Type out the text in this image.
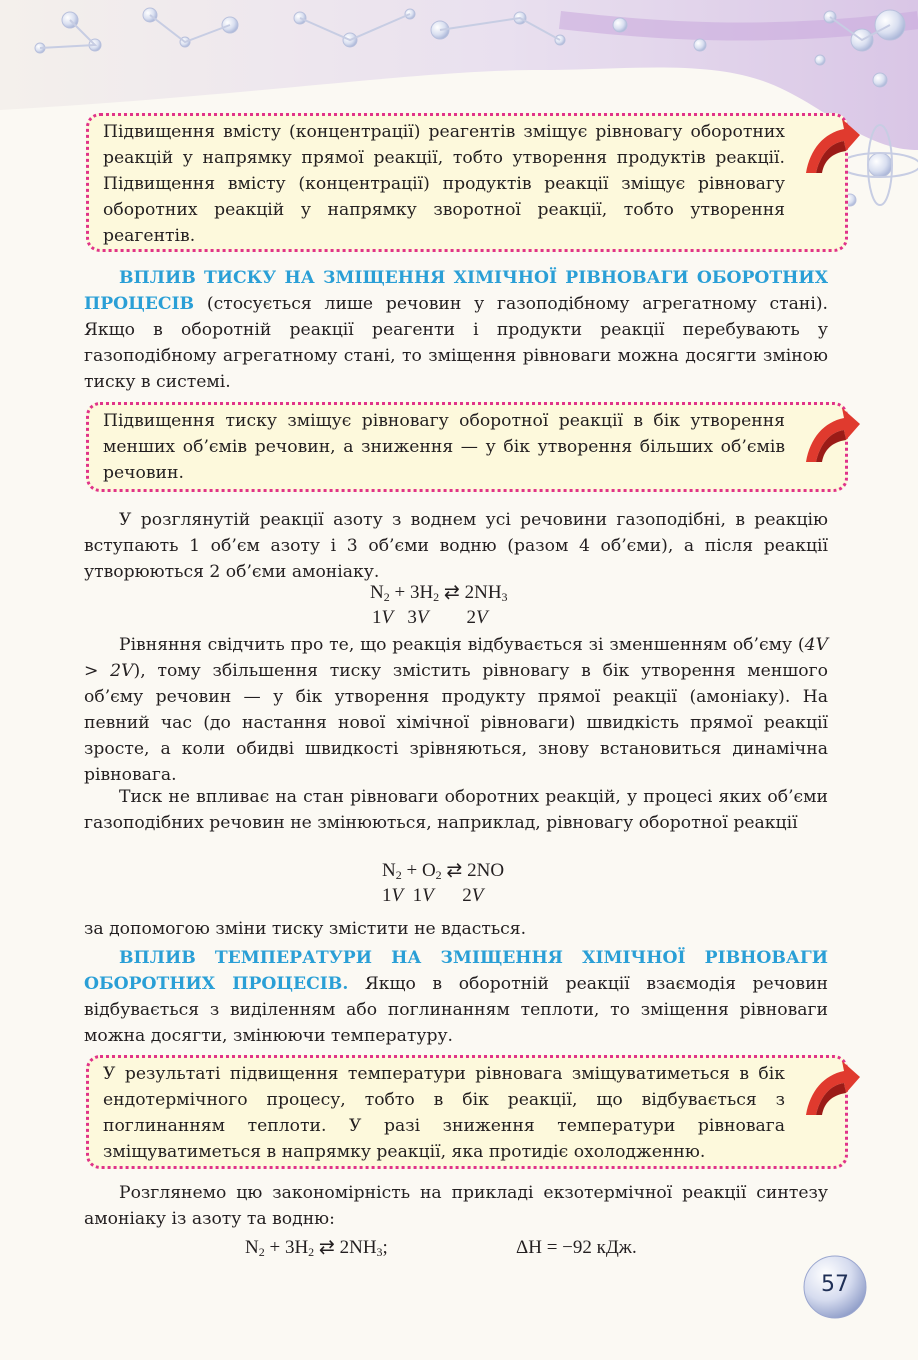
Підвищення вмісту (концентрації) реагентів зміщує рівновагу оборотних реакцій у напрямку прямої реакції, тобто утворення продуктів реакції. Підвищення вмісту (концентрації) продуктів реакції зміщує рівновагу оборотних реакцій у напрямку зворотної реакції, тобто утворення реагентів.

ВПЛИВ ТИСКУ НА ЗМІЩЕННЯ ХІМІЧНОЇ РІВНОВАГИ ОБОРОТНИХ ПРОЦЕСІВ (стосується лише речовин у газоподібному агрегатному стані). Якщо в оборотній реакції реагенти і продукти реакції перебувають у газоподібному агрегатному стані, то зміщення рівноваги можна досягти зміною тиску в системі.

Підвищення тиску зміщує рівновагу оборотної реакції в бік утворення менших об’ємів речовин, а зниження — у бік утворення більших об’ємів речовин.

У розглянутій реакції азоту з воднем усі речовини газоподібні, в реакцію вступають 1 об’єм азоту і 3 об’єми водню (разом 4 об’єми), а після реакції утворюються 2 об’єми амоніаку.

$N_2 + 3H_2$ ⇄ $2NH_3$
1V 3V 2V

Рівняння свідчить про те, що реакція відбувається зі зменшенням об’єму (4V > 2V), тому збільшення тиску змістить рівновагу в бік утворення меншого об’єму речовин — у бік утворення продукту прямої реакції (амоніаку). На певний час (до настання нової хімічної рівноваги) швидкість прямої реакції зросте, а коли обидві швидкості зрівняються, знову встановиться динамічна рівновага.

Тиск не впливає на стан рівноваги оборотних реакцій, у процесі яких об’єми газоподібних речовин не змінюються, наприклад, рівновагу оборотної реакції

$N_2 + O_2$ ⇄ 2NO
1V 1V 2V

за допомогою зміни тиску змістити не вдасться.

ВПЛИВ ТЕМПЕРАТУРИ НА ЗМІЩЕННЯ ХІМІЧНОЇ РІВНОВАГИ ОБОРОТНИХ ПРОЦЕСІВ. Якщо в оборотній реакції взаємодія речовин відбувається з виділенням або поглинанням теплоти, то зміщення рівноваги можна досягти, змінюючи температуру.

У результаті підвищення температури рівновага зміщуватиметься в бік ендотермічного процесу, тобто в бік реакції, що відбувається з поглинанням теплоти. У разі зниження температури рівновага зміщуватиметься в напрямку реакції, яка протидіє охолодженню.

Розглянемо цю закономірність на прикладі екзотермічної реакції синтезу амоніаку із азоту та водню:

$N_2 + 3H_2$ ⇄ $2NH_3$;	ΔH = −92 кДж.
57
